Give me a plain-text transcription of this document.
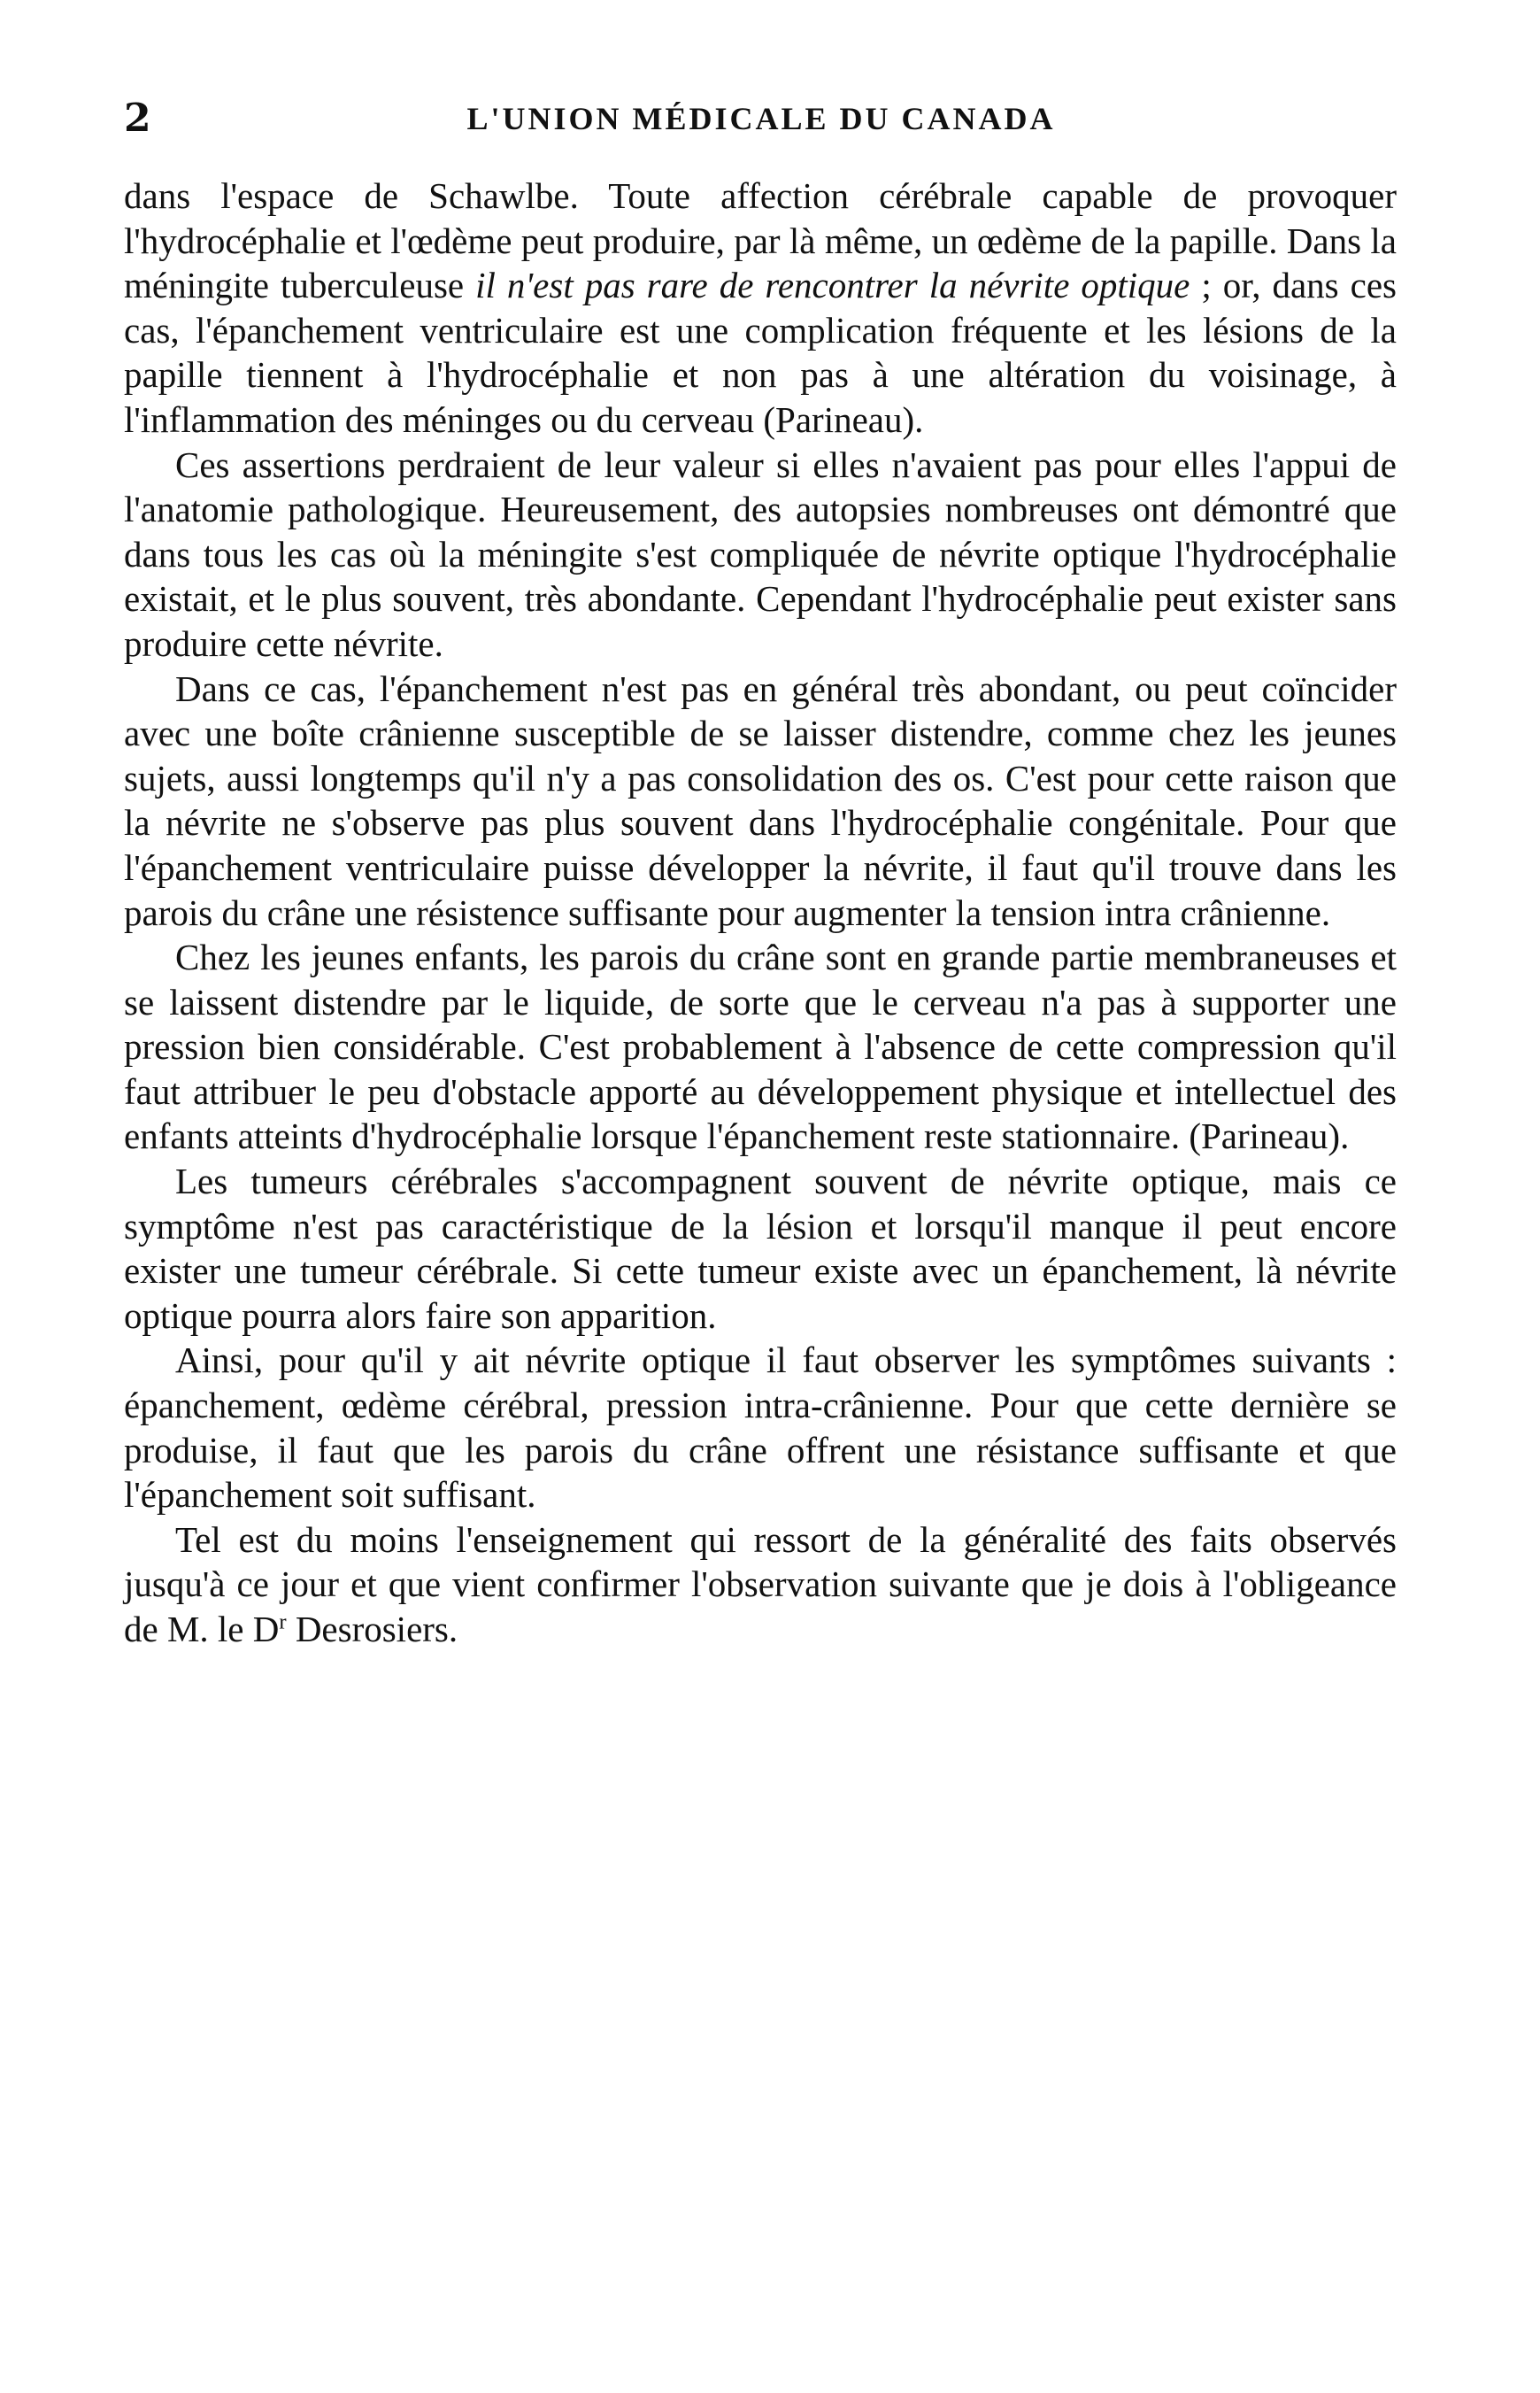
2	L'UNION MÉDICALE DU CANADA

dans l'espace de Schawlbe. Toute affection cérébrale capable de provoquer l'hydrocéphalie et l'œdème peut produire, par là même, un œdème de la papille. Dans la méningite tuberculeuse il n'est pas rare de rencontrer la névrite optique ; or, dans ces cas, l'épanchement ventriculaire est une complication fréquente et les lésions de la papille tiennent à l'hydrocéphalie et non pas à une altération du voisinage, à l'inflammation des méninges ou du cerveau (Parineau).

Ces assertions perdraient de leur valeur si elles n'avaient pas pour elles l'appui de l'anatomie pathologique. Heureusement, des autopsies nombreuses ont démontré que dans tous les cas où la méningite s'est compliquée de névrite optique l'hydrocéphalie existait, et le plus souvent, très abondante. Cependant l'hydrocéphalie peut exister sans produire cette névrite.

Dans ce cas, l'épanchement n'est pas en général très abondant, ou peut coïncider avec une boîte crânienne susceptible de se laisser distendre, comme chez les jeunes sujets, aussi longtemps qu'il n'y a pas consolidation des os. C'est pour cette raison que la névrite ne s'observe pas plus souvent dans l'hydrocéphalie congénitale. Pour que l'épanchement ventriculaire puisse développer la névrite, il faut qu'il trouve dans les parois du crâne une résistence suffisante pour augmenter la tension intra crânienne.

Chez les jeunes enfants, les parois du crâne sont en grande partie membraneuses et se laissent distendre par le liquide, de sorte que le cerveau n'a pas à supporter une pression bien considérable. C'est probablement à l'absence de cette compression qu'il faut attribuer le peu d'obstacle apporté au développement physique et intellectuel des enfants atteints d'hydrocéphalie lorsque l'épanchement reste stationnaire. (Parineau).

Les tumeurs cérébrales s'accompagnent souvent de névrite optique, mais ce symptôme n'est pas caractéristique de la lésion et lorsqu'il manque il peut encore exister une tumeur cérébrale. Si cette tumeur existe avec un épanchement, là névrite optique pourra alors faire son apparition.

Ainsi, pour qu'il y ait névrite optique il faut observer les symptômes suivants : épanchement, œdème cérébral, pression intra-crânienne. Pour que cette dernière se produise, il faut que les parois du crâne offrent une résistance suffisante et que l'épanchement soit suffisant.

Tel est du moins l'enseignement qui ressort de la généralité des faits observés jusqu'à ce jour et que vient confirmer l'observation suivante que je dois à l'obligeance de M. le $D^r$ Desrosiers.
